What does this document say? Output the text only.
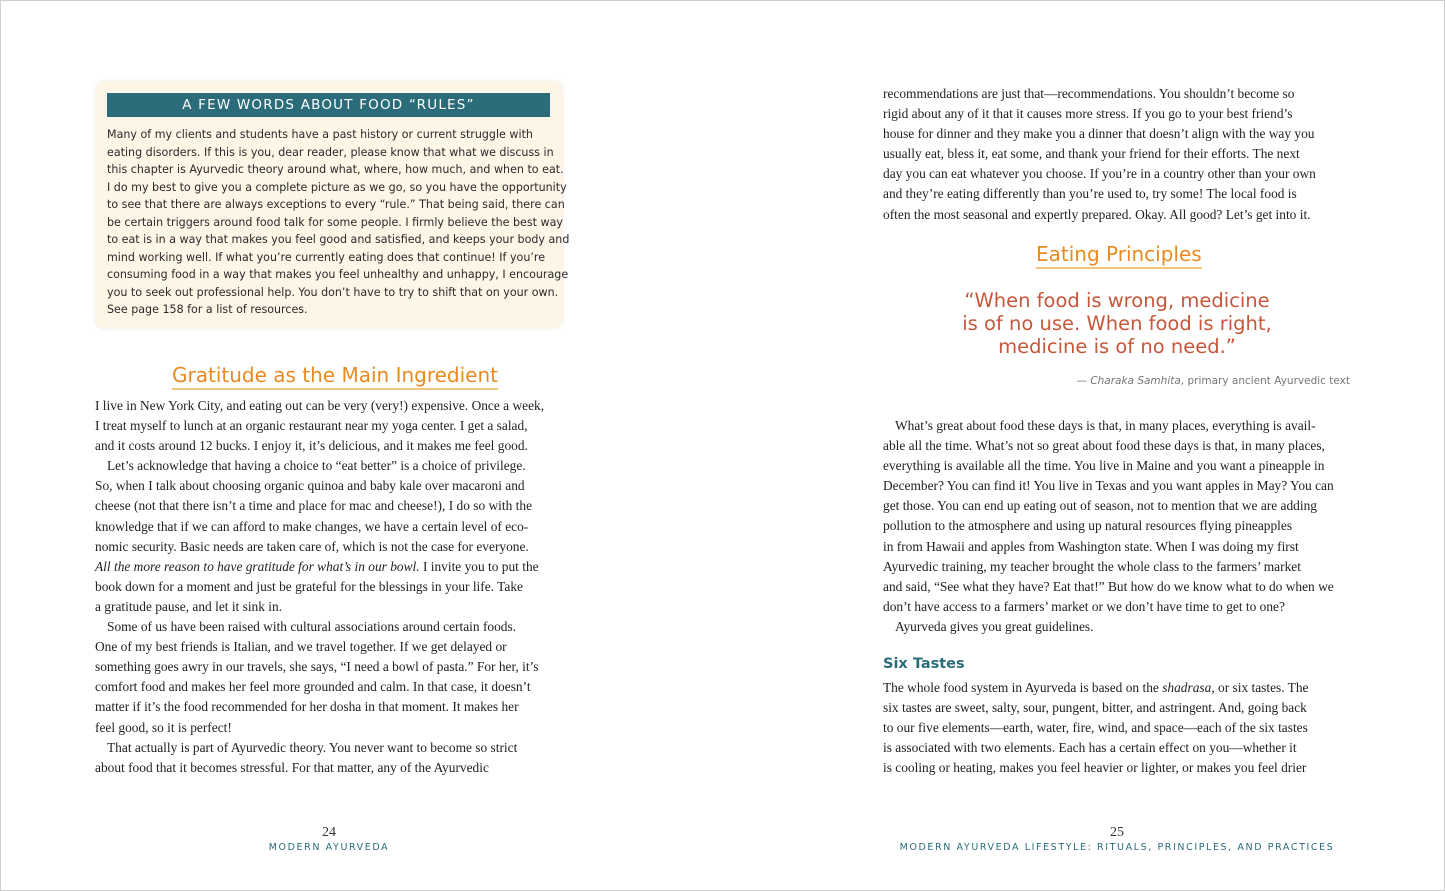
A FEW WORDS ABOUT FOOD “RULES”
Many of my clients and students have a past history or current struggle with
eating disorders. If this is you, dear reader, please know that what we discuss in
this chapter is Ayurvedic theory around what, where, how much, and when to eat.
I do my best to give you a complete picture as we go, so you have the opportunity
to see that there are always exceptions to every “rule.” That being said, there can
be certain triggers around food talk for some people. I firmly believe the best way
to eat is in a way that makes you feel good and satisfied, and keeps your body and
mind working well. If what you’re currently eating does that continue! If you’re
consuming food in a way that makes you feel unhealthy and unhappy, I encourage
you to seek out professional help. You don’t have to try to shift that on your own.
See page 158 for a list of resources.
Gratitude as the Main Ingredient
I live in New York City, and eating out can be very (very!) expensive. Once a week,
I treat myself to lunch at an organic restaurant near my yoga center. I get a salad,
and it costs around 12 bucks. I enjoy it, it’s delicious, and it makes me feel good.
Let’s acknowledge that having a choice to “eat better” is a choice of privilege.
So, when I talk about choosing organic quinoa and baby kale over macaroni and
cheese (not that there isn’t a time and place for mac and cheese!), I do so with the
knowledge that if we can afford to make changes, we have a certain level of eco-
nomic security. Basic needs are taken care of, which is not the case for everyone.
All the more reason to have gratitude for what’s in our bowl. I invite you to put the
book down for a moment and just be grateful for the blessings in your life. Take
a gratitude pause, and let it sink in.
Some of us have been raised with cultural associations around certain foods.
One of my best friends is Italian, and we travel together. If we get delayed or
something goes awry in our travels, she says, “I need a bowl of pasta.” For her, it’s
comfort food and makes her feel more grounded and calm. In that case, it doesn’t
matter if it’s the food recommended for her dosha in that moment. It makes her
feel good, so it is perfect!
That actually is part of Ayurvedic theory. You never want to become so strict
about food that it becomes stressful. For that matter, any of the Ayurvedic
24
MODERN AYURVEDA
recommendations are just that—recommendations. You shouldn’t become so
rigid about any of it that it causes more stress. If you go to your best friend’s
house for dinner and they make you a dinner that doesn’t align with the way you
usually eat, bless it, eat some, and thank your friend for their efforts. The next
day you can eat whatever you choose. If you’re in a country other than your own
and they’re eating differently than you’re used to, try some! The local food is
often the most seasonal and expertly prepared. Okay. All good? Let’s get into it.
Eating Principles
“When food is wrong, medicine
is of no use. When food is right,
medicine is of no need.”
— Charaka Samhita, primary ancient Ayurvedic text
What’s great about food these days is that, in many places, everything is avail-
able all the time. What’s not so great about food these days is that, in many places,
everything is available all the time. You live in Maine and you want a pineapple in
December? You can find it! You live in Texas and you want apples in May? You can
get those. You can end up eating out of season, not to mention that we are adding
pollution to the atmosphere and using up natural resources flying pineapples
in from Hawaii and apples from Washington state. When I was doing my first
Ayurvedic training, my teacher brought the whole class to the farmers’ market
and said, “See what they have? Eat that!” But how do we know what to do when we
don’t have access to a farmers’ market or we don’t have time to get to one?
Ayurveda gives you great guidelines.
Six Tastes
The whole food system in Ayurveda is based on the shadrasa, or six tastes. The
six tastes are sweet, salty, sour, pungent, bitter, and astringent. And, going back
to our five elements—earth, water, fire, wind, and space—each of the six tastes
is associated with two elements. Each has a certain effect on you—whether it
is cooling or heating, makes you feel heavier or lighter, or makes you feel drier
25
MODERN AYURVEDA LIFESTYLE: RITUALS, PRINCIPLES, AND PRACTICES
